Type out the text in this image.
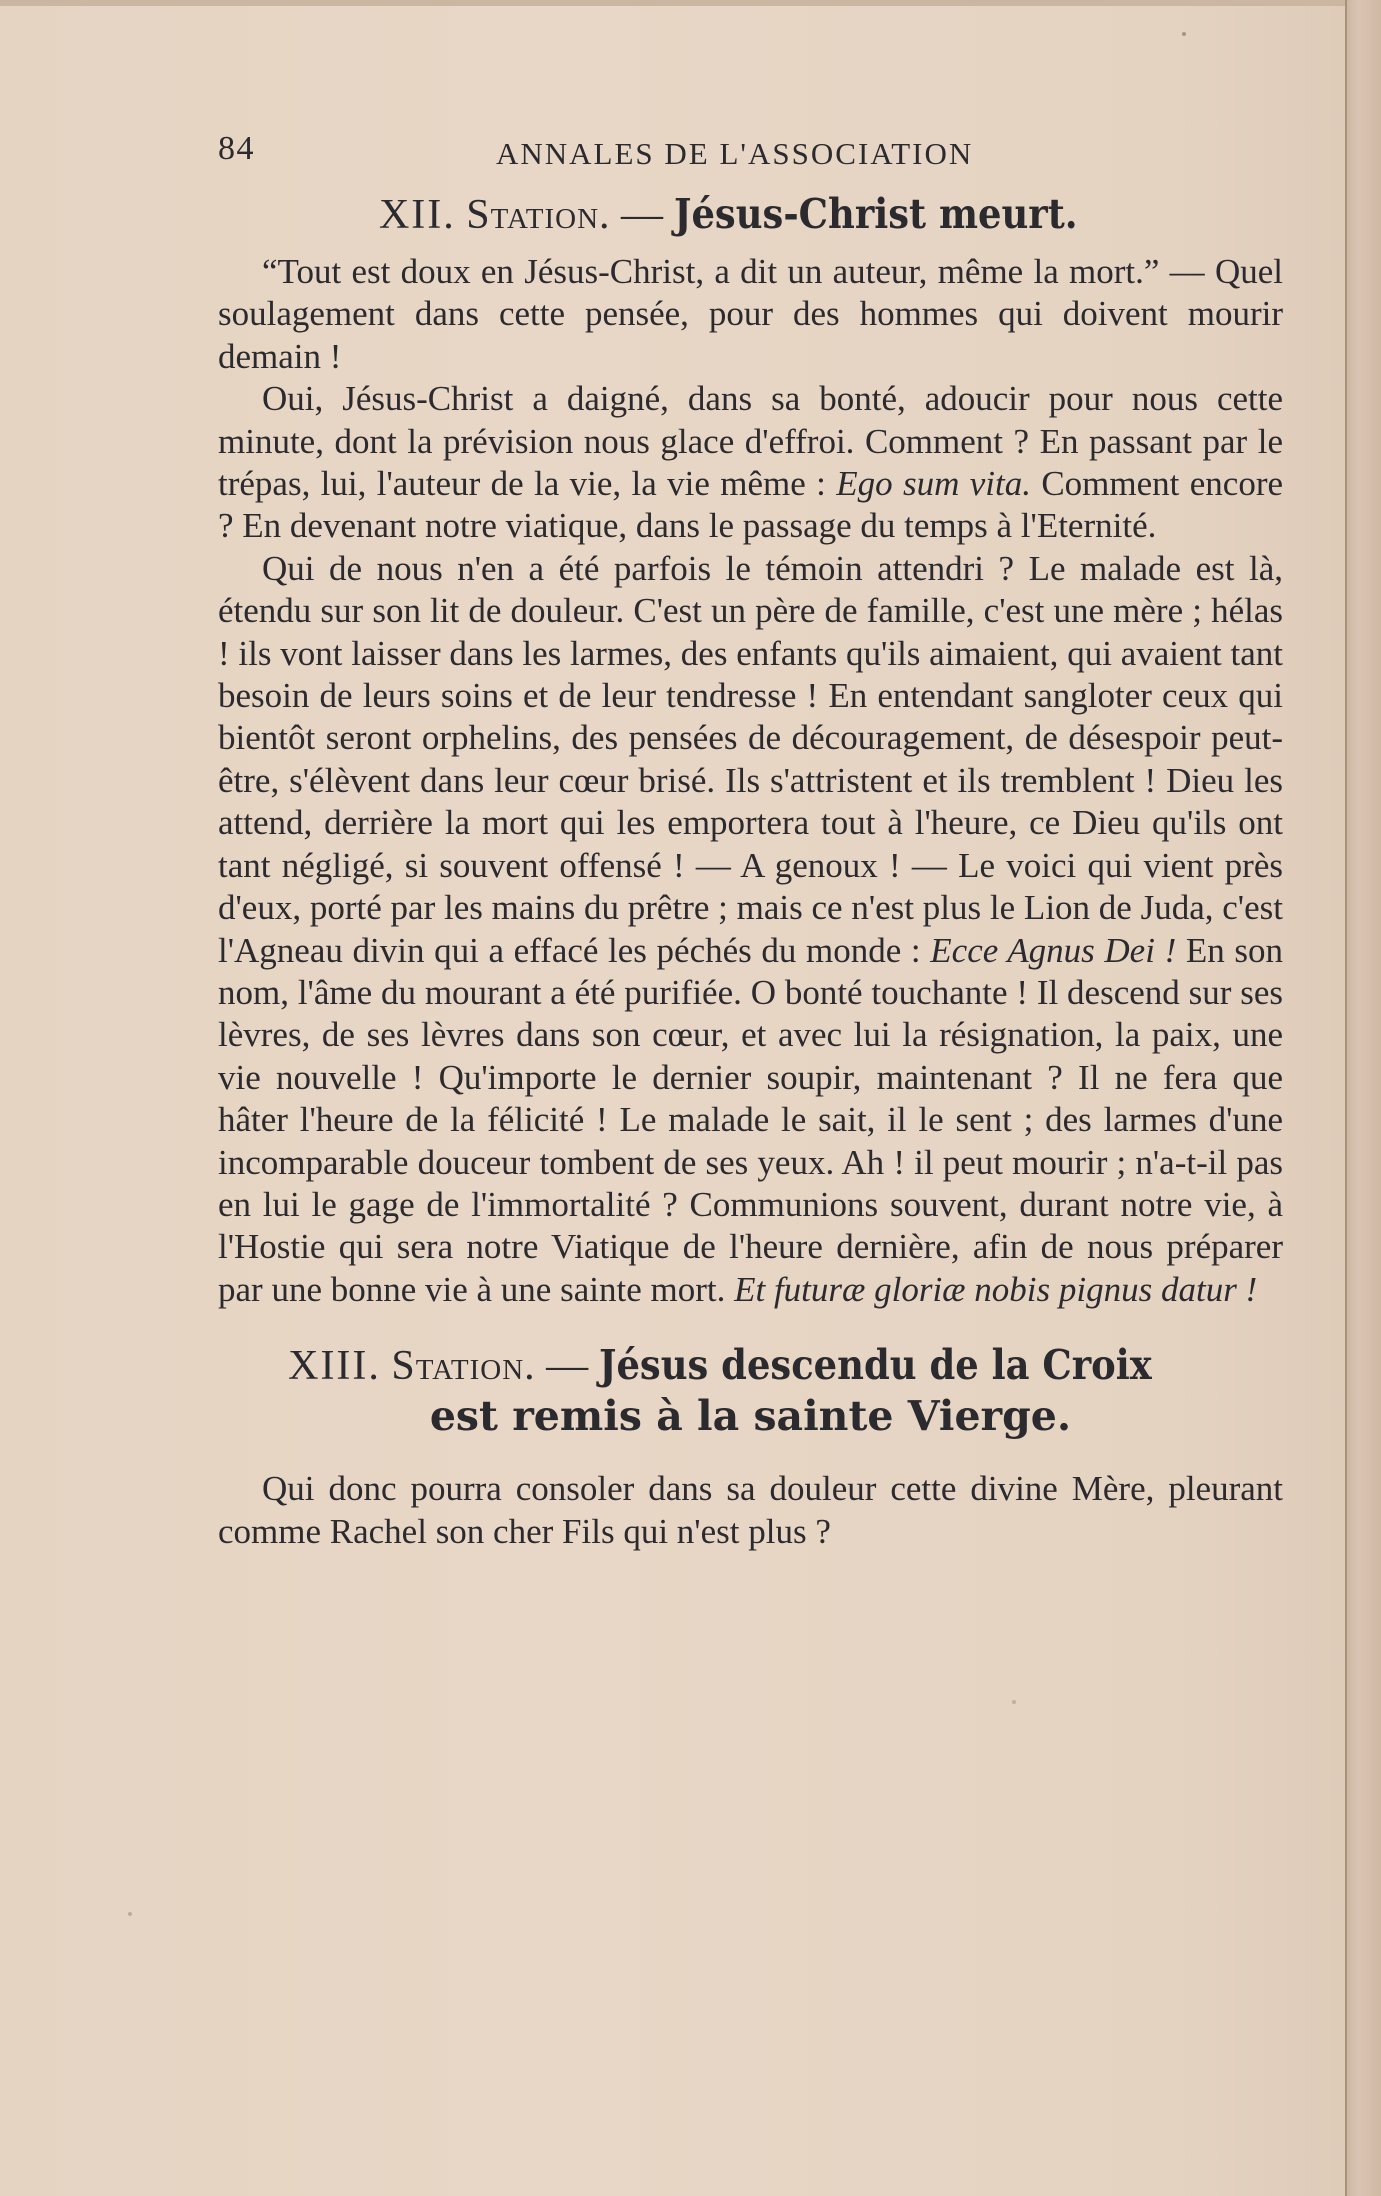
84	ANNALES DE L'ASSOCIATION
XII. Station. — Jésus-Christ meurt.

“Tout est doux en Jésus-Christ, a dit un auteur, même la mort.” — Quel soulagement dans cette pensée, pour des hommes qui doivent mourir demain !

Oui, Jésus-Christ a daigné, dans sa bonté, adoucir pour nous cette minute, dont la prévision nous glace d'effroi. Comment ? En passant par le trépas, lui, l'auteur de la vie, la vie même : Ego sum vita. Comment encore ? En devenant notre viatique, dans le passage du temps à l'Eternité.

Qui de nous n'en a été parfois le témoin attendri ? Le malade est là, étendu sur son lit de douleur. C'est un père de famille, c'est une mère ; hélas ! ils vont laisser dans les larmes, des enfants qu'ils aimaient, qui avaient tant besoin de leurs soins et de leur tendresse ! En entendant sangloter ceux qui bientôt seront orphelins, des pensées de découragement, de désespoir peut-être, s'élèvent dans leur cœur brisé. Ils s'attristent et ils tremblent ! Dieu les attend, derrière la mort qui les emportera tout à l'heure, ce Dieu qu'ils ont tant négligé, si souvent offensé ! — A genoux ! — Le voici qui vient près d'eux, porté par les mains du prêtre ; mais ce n'est plus le Lion de Juda, c'est l'Agneau divin qui a effacé les péchés du monde : Ecce Agnus Dei ! En son nom, l'âme du mourant a été purifiée. O bonté touchante ! Il descend sur ses lèvres, de ses lèvres dans son cœur, et avec lui la résignation, la paix, une vie nouvelle ! Qu'importe le dernier soupir, maintenant ? Il ne fera que hâter l'heure de la félicité ! Le malade le sait, il le sent ; des larmes d'une incomparable douceur tombent de ses yeux. Ah ! il peut mourir ; n'a-t-il pas en lui le gage de l'immortalité ? Communions souvent, durant notre vie, à l'Hostie qui sera notre Viatique de l'heure dernière, afin de nous préparer par une bonne vie à une sainte mort. Et futuræ gloriæ nobis pignus datur !

XIII. Station. — Jésus descendu de la Croix
est remis à la sainte Vierge.

Qui donc pourra consoler dans sa douleur cette divine Mère, pleurant comme Rachel son cher Fils qui n'est plus ?
